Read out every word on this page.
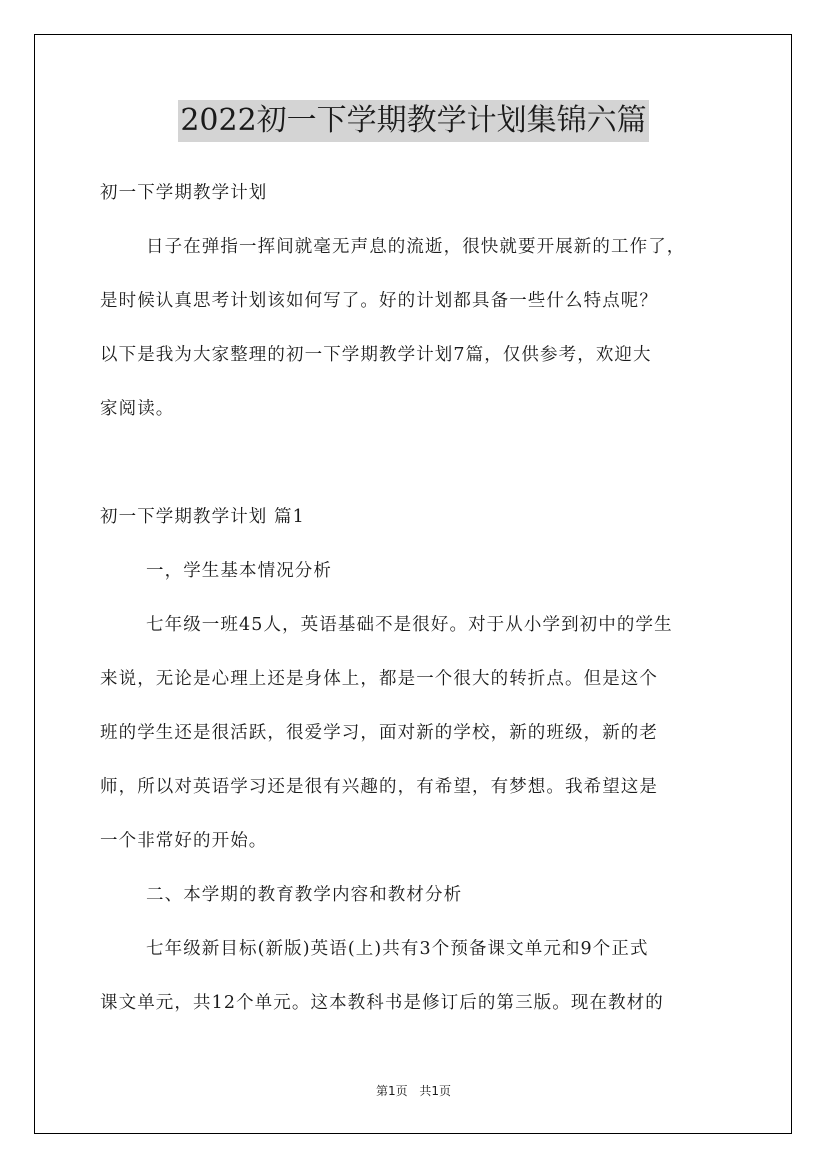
2022初一下学期教学计划集锦六篇
初一下学期教学计划
日子在弹指一挥间就毫无声息的流逝，很快就要开展新的工作了，
是时候认真思考计划该如何写了。好的计划都具备一些什么特点呢？
以下是我为大家整理的初一下学期教学计划7篇，仅供参考，欢迎大
家阅读。
初一下学期教学计划 篇1
一，学生基本情况分析
七年级一班45人，英语基础不是很好。对于从小学到初中的学生
来说，无论是心理上还是身体上，都是一个很大的转折点。但是这个
班的学生还是很活跃，很爱学习，面对新的学校，新的班级，新的老
师，所以对英语学习还是很有兴趣的，有希望，有梦想。我希望这是
一个非常好的开始。
二、本学期的教育教学内容和教材分析
七年级新目标(新版)英语(上)共有3个预备课文单元和9个正式
课文单元，共12个单元。这本教科书是修订后的第三版。现在教材的
第1页 共1页
